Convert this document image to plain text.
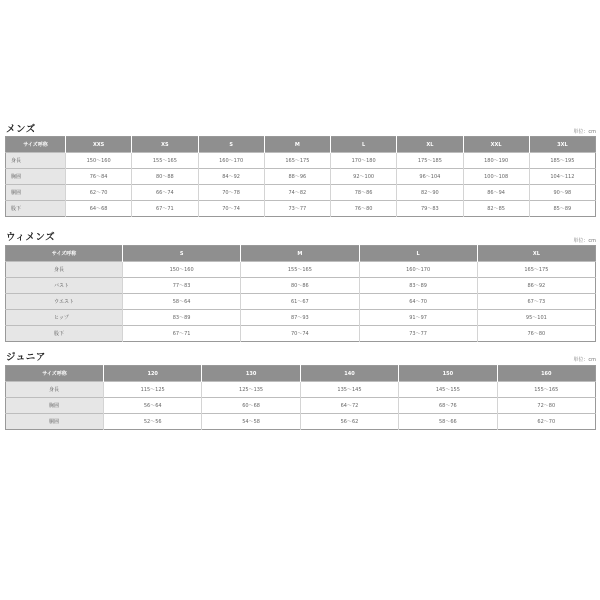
メンズ	単位：cm
サイズ呼称	XXS	XS	S	M	L	XL	XXL	3XL
身長	150～160	155～165	160～170	165～175	170～180	175～185	180～190	185～195
胸囲	76～84	80～88	84～92	88～96	92～100	96～104	100～108	104～112
胴囲	62～70	66～74	70～78	74～82	78～86	82～90	86～94	90～98
股下	64～68	67～71	70～74	73～77	76～80	79～83	82～85	85～89
ウィメンズ	単位：cm
サイズ呼称	S	M	L	XL
身長	150～160	155～165	160～170	165～175
バスト	77～83	80～86	83～89	86～92
ウエスト	58～64	61～67	64～70	67～73
ヒップ	83～89	87～93	91～97	95～101
股下	67～71	70～74	73～77	76～80
ジュニア	単位：cm
サイズ呼称	120	130	140	150	160
身長	115～125	125～135	135～145	145～155	155～165
胸囲	56～64	60～68	64～72	68～76	72～80
胴囲	52～56	54～58	56～62	58～66	62～70
